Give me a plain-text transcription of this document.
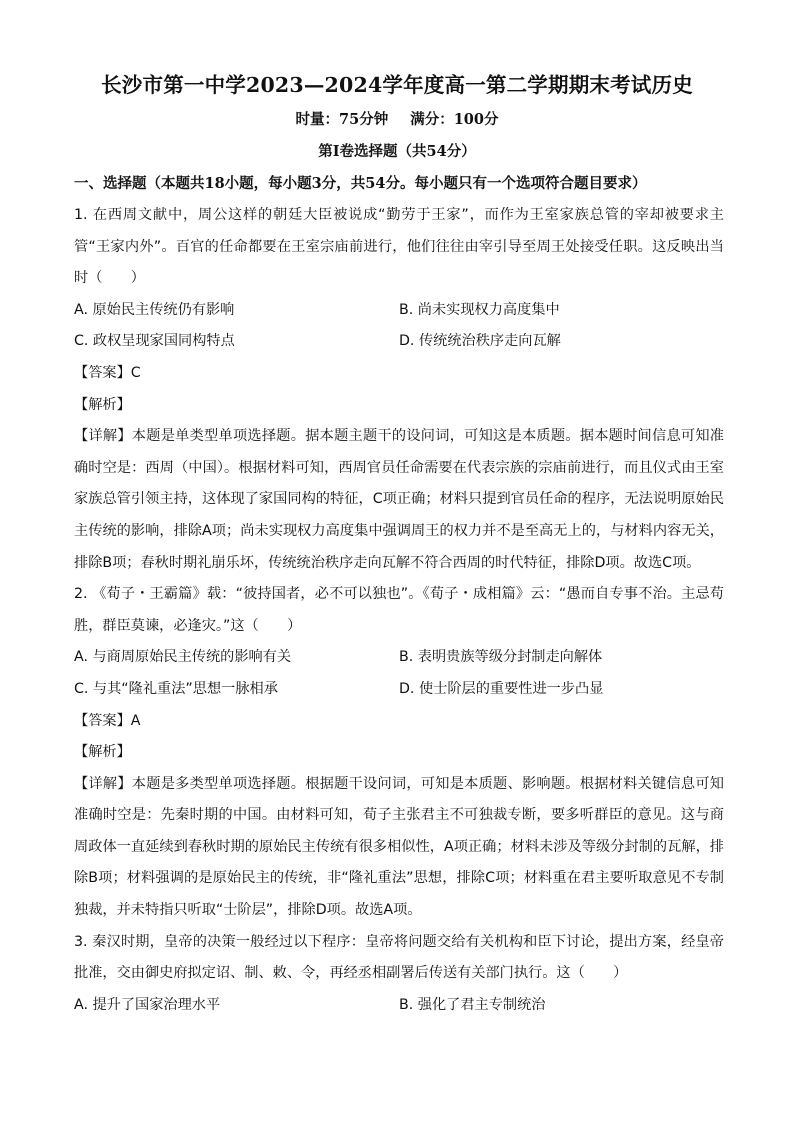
长沙市第一中学2023—2024学年度高一第二学期期末考试历史
时量：75分钟 满分：100分
第Ⅰ卷选择题（共54分）
一、选择题（本题共18小题，每小题3分，共54分。每小题只有一个选项符合题目要求）

1. 在西周文献中，周公这样的朝廷大臣被说成“勤劳于王家”，而作为王室家族总管的宰却被要求主管“王家内外”。百官的任命都要在王室宗庙前进行，他们往往由宰引导至周王处接受任职。这反映出当时（　　）

A. 原始民主传统仍有影响	B. 尚未实现权力高度集中
C. 政权呈现家国同构特点	D. 传统统治秩序走向瓦解

【答案】C

【解析】

【详解】本题是单类型单项选择题。据本题主题干的设问词，可知这是本质题。据本题时间信息可知准确时空是：西周（中国）。根据材料可知，西周官员任命需要在代表宗族的宗庙前进行，而且仪式由王室家族总管引领主持，这体现了家国同构的特征，C项正确；材料只提到官员任命的程序，无法说明原始民主传统的影响，排除A项；尚未实现权力高度集中强调周王的权力并不是至高无上的，与材料内容无关，排除B项；春秋时期礼崩乐坏，传统统治秩序走向瓦解不符合西周的时代特征，排除D项。故选C项。

2. 《荀子・王霸篇》载：“彼持国者，必不可以独也”。《荀子・成相篇》云：“愚而自专事不治。主忌苟胜，群臣莫谏，必逢灾。”这（　　）

A. 与商周原始民主传统的影响有关	B. 表明贵族等级分封制走向解体
C. 与其“隆礼重法”思想一脉相承	D. 使士阶层的重要性进一步凸显

【答案】A

【解析】

【详解】本题是多类型单项选择题。根据题干设问词，可知是本质题、影响题。根据材料关键信息可知准确时空是：先秦时期的中国。由材料可知，荀子主张君主不可独裁专断，要多听群臣的意见。这与商周政体一直延续到春秋时期的原始民主传统有很多相似性，A项正确；材料未涉及等级分封制的瓦解，排除B项；材料强调的是原始民主的传统，非“隆礼重法”思想，排除C项；材料重在君主要听取意见不专制独裁，并未特指只听取“士阶层”，排除D项。故选A项。

3. 秦汉时期，皇帝的决策一般经过以下程序：皇帝将问题交给有关机构和臣下讨论，提出方案，经皇帝批准，交由御史府拟定诏、制、敕、令，再经丞相副署后传送有关部门执行。这（　　）

A. 提升了国家治理水平	B. 强化了君主专制统治
